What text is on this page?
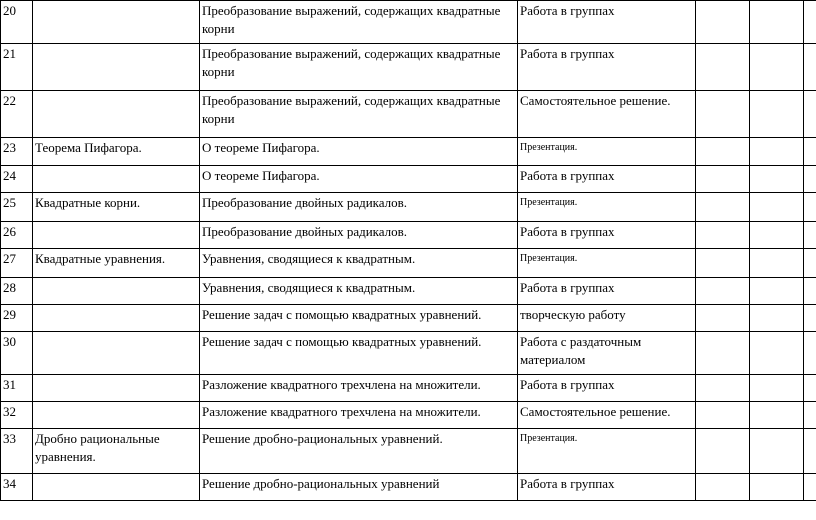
20		Преобразование выражений, содержащих квадратные корни	Работа в группах			
21		Преобразование выражений, содержащих квадратные корни	Работа в группах			
22		Преобразование выражений, содержащих квадратные корни	Самостоятельное решение.			
23	Теорема Пифагора.	О теореме Пифагора.	Презентация.			
24		О теореме Пифагора.	Работа в группах			
25	Квадратные корни.	Преобразование двойных радикалов.	Презентация.			
26		Преобразование двойных радикалов.	Работа в группах			
27	Квадратные уравнения.	Уравнения, сводящиеся к квадратным.	Презентация.			
28		Уравнения, сводящиеся к квадратным.	Работа в группах			
29		Решение задач с помощью квадратных уравнений.	творческую работу			
30		Решение задач с помощью квадратных уравнений.	Работа с раздаточным материалом			
31		Разложение квадратного трехчлена на множители.	Работа в группах			
32		Разложение квадратного трехчлена на множители.	Самостоятельное решение.			
33	Дробно рациональные уравнения.	Решение дробно-рациональных уравнений.	Презентация.			
34		Решение дробно-рациональных уравнений	Работа в группах			
